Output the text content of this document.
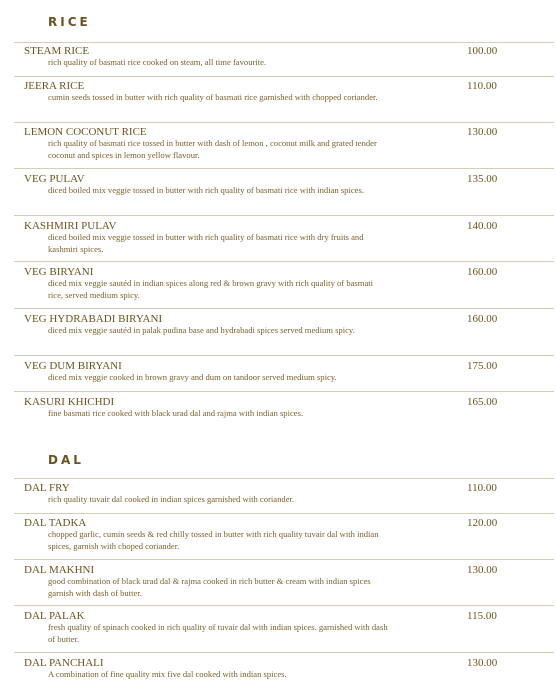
RICE
STEAM RICE
rich quality of basmati rice cooked on steam, all time favourite.
100.00
JEERA RICE
cumin seeds tossed in butter with rich quality of basmati rice garnished with chopped coriander.
110.00
LEMON COCONUT RICE
rich quality of basmati rice tossed in butter with dash of lemon , coconut milk and grated tender coconut and spices in lemon yellow flavour.
130.00
VEG PULAV
diced boiled mix veggie tossed in butter with rich quality of basmati rice with indian spices.
135.00
KASHMIRI PULAV
diced boiled mix veggie tossed in butter with rich quality of basmati rice with dry fruits and kashmiri spices.
140.00
VEG BIRYANI
diced mix veggie sautéd in indian spices along red & brown gravy with rich quality of basmati rice, served medium spicy.
160.00
VEG HYDRABADI BIRYANI
diced mix veggie sautéd in palak pudina base and hydrabadi spices served medium spicy.
160.00
VEG DUM BIRYANI
diced mix veggie cooked in brown gravy and dum on tandoor served medium spicy.
175.00
KASURI KHICHDI
fine basmati rice cooked with black urad dal and rajma with indian spices.
165.00
DAL
DAL FRY
rich quality tuvair dal cooked in indian spices garnished with coriander.
110.00
DAL TADKA
chopped garlic, cumin seeds & red chilly tossed in butter with rich quality tuvair dal with indian spices, garnish with choped coriander.
120.00
DAL MAKHNI
good combination of black urad dal & rajma cooked in rich butter & cream with indian spices garnish with dash of butter.
130.00
DAL PALAK
fresh quality of spinach cooked in rich quality of tuvair dal with indian spices. garnished with dash of butter.
115.00
DAL PANCHALI
A combination of fine quality mix five dal cooked with indian spices.
130.00
